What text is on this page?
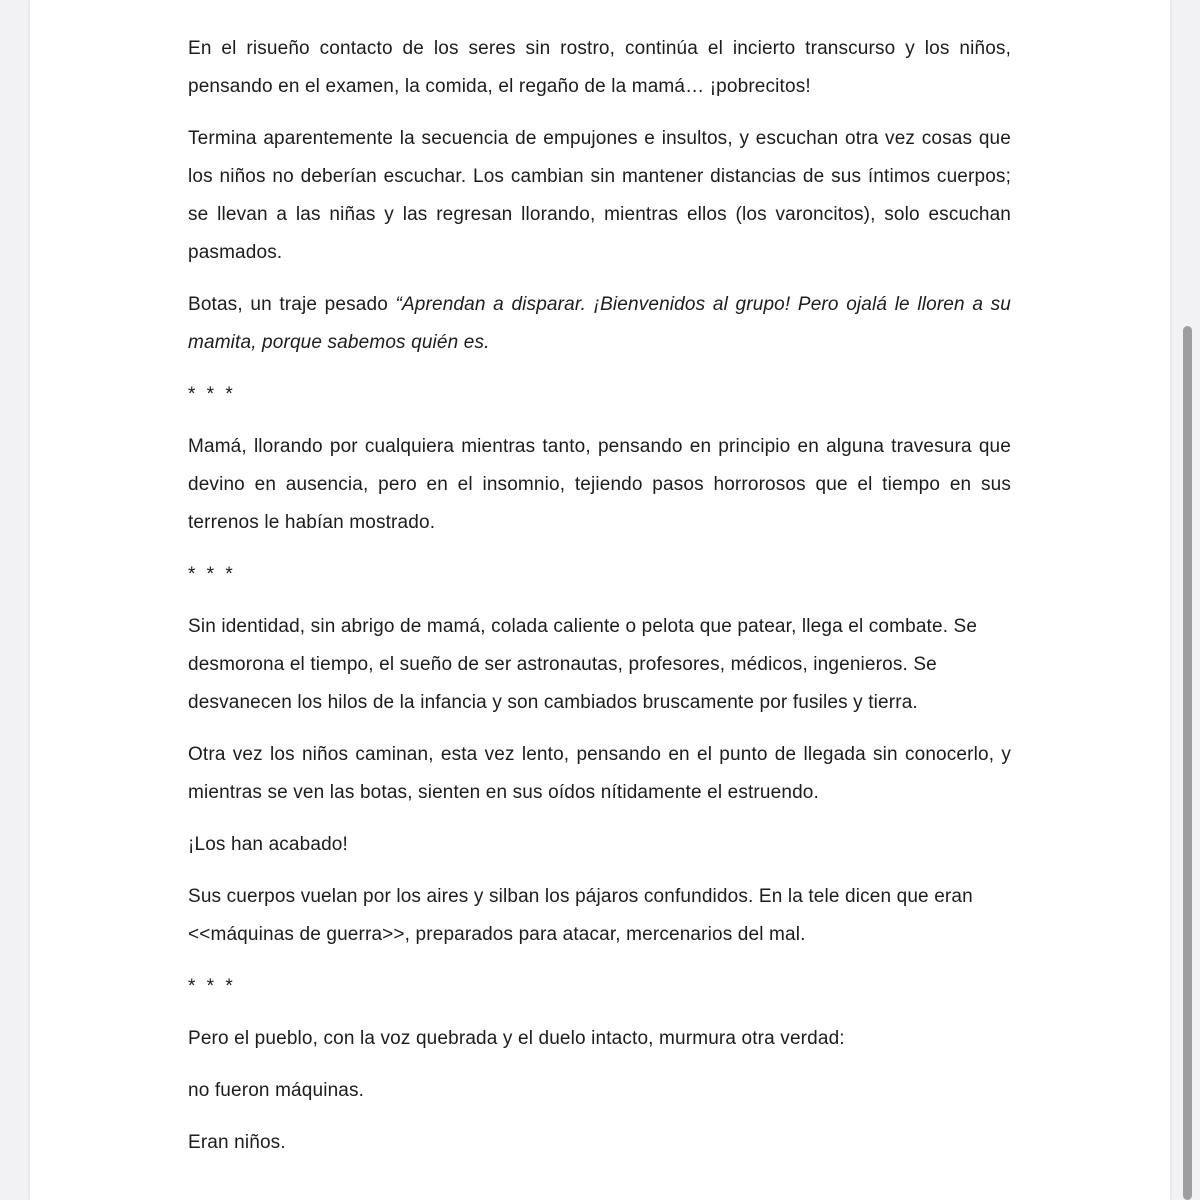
En el risueño contacto de los seres sin rostro, continúa el incierto transcurso y los niños, pensando en el examen, la comida, el regaño de la mamá… ¡pobrecitos!

Termina aparentemente la secuencia de empujones e insultos, y escuchan otra vez cosas que los niños no deberían escuchar. Los cambian sin mantener distancias de sus íntimos cuerpos; se llevan a las niñas y las regresan llorando, mientras ellos (los varoncitos), solo escuchan pasmados.

Botas, un traje pesado “Aprendan a disparar. ¡Bienvenidos al grupo! Pero ojalá le lloren a su mamita, porque sabemos quién es.

* * *

Mamá, llorando por cualquiera mientras tanto, pensando en principio en alguna travesura que devino en ausencia, pero en el insomnio, tejiendo pasos horrorosos que el tiempo en sus terrenos le habían mostrado.

* * *

Sin identidad, sin abrigo de mamá, colada caliente o pelota que patear, llega el combate. Se desmorona el tiempo, el sueño de ser astronautas, profesores, médicos, ingenieros. Se desvanecen los hilos de la infancia y son cambiados bruscamente por fusiles y tierra.

Otra vez los niños caminan, esta vez lento, pensando en el punto de llegada sin conocerlo, y mientras se ven las botas, sienten en sus oídos nítidamente el estruendo.

¡Los han acabado!

Sus cuerpos vuelan por los aires y silban los pájaros confundidos. En la tele dicen que eran <<máquinas de guerra>>, preparados para atacar, mercenarios del mal.

* * *

Pero el pueblo, con la voz quebrada y el duelo intacto, murmura otra verdad:

no fueron máquinas.

Eran niños.
